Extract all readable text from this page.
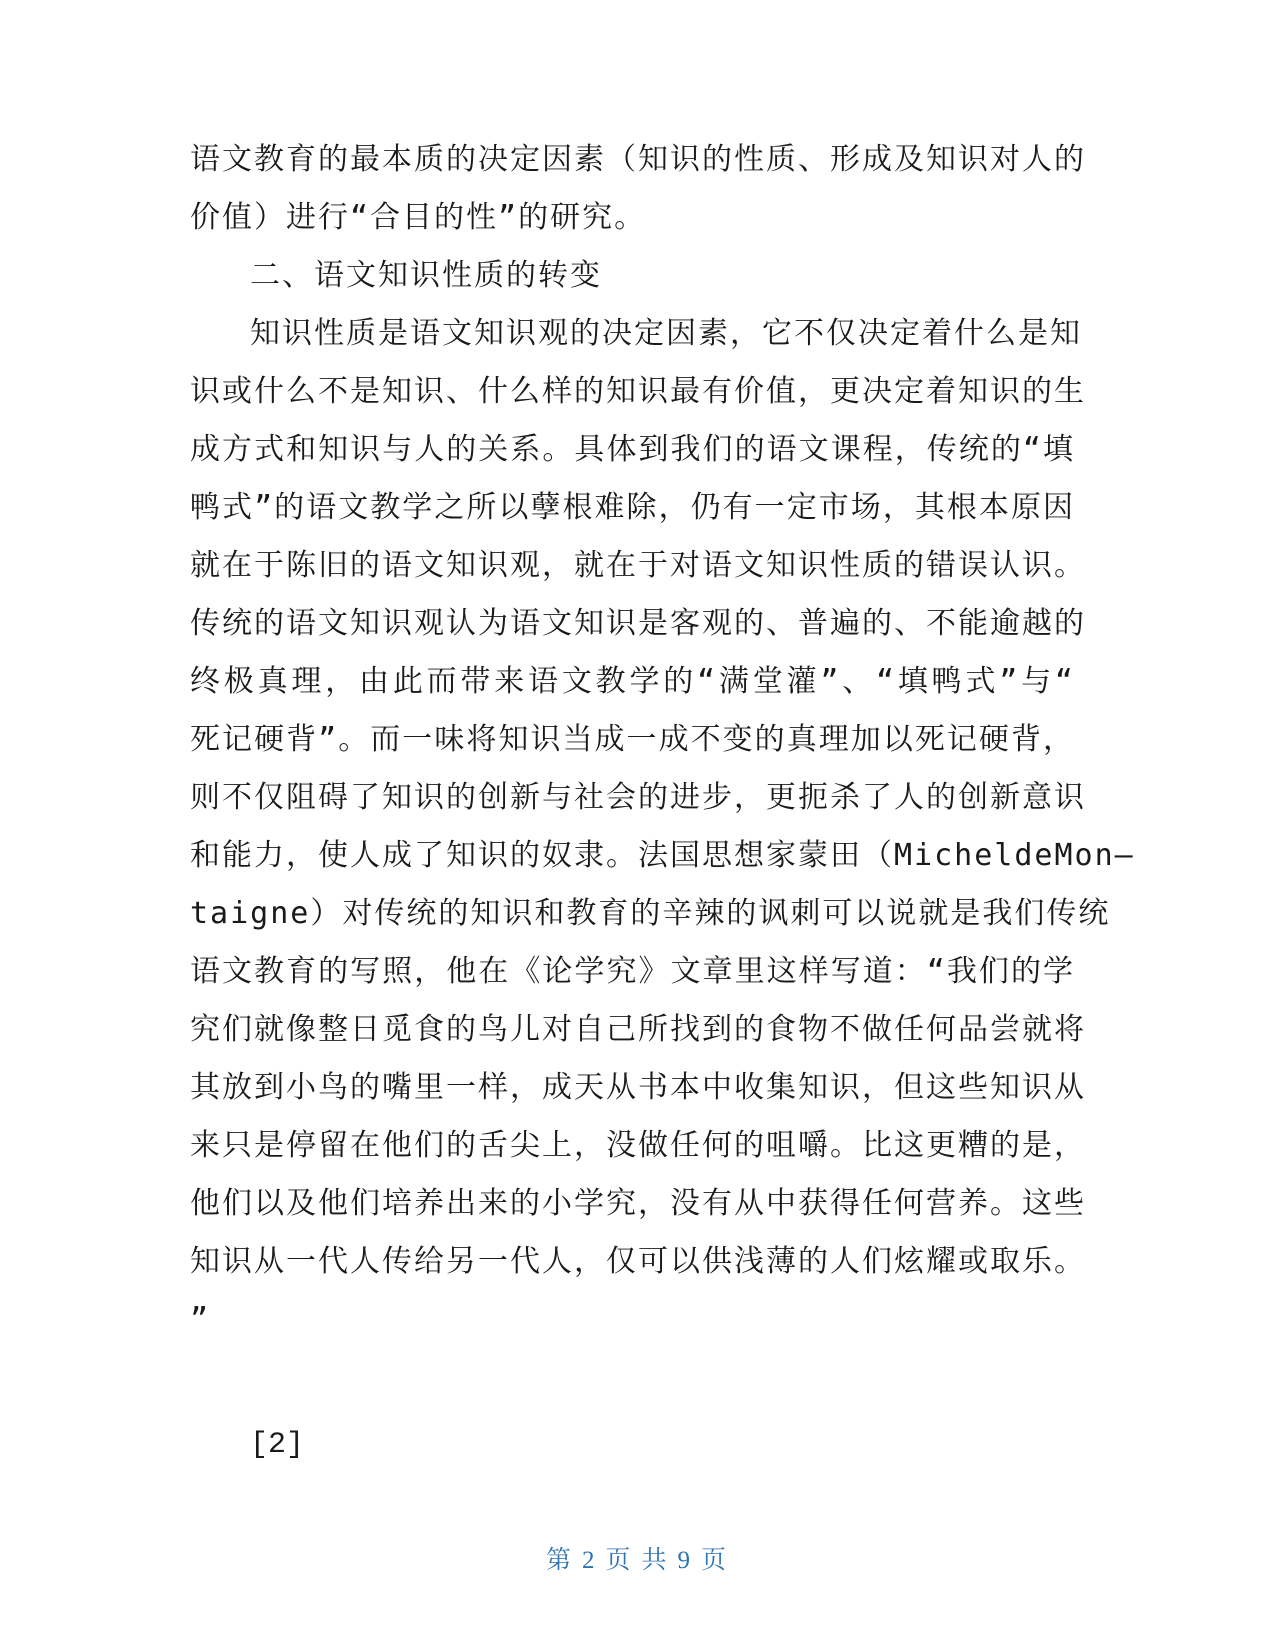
语文教育的最本质的决定因素（知识的性质、形成及知识对人的
价值）进行“合目的性”的研究。
二、语文知识性质的转变
知识性质是语文知识观的决定因素，它不仅决定着什么是知
识或什么不是知识、什么样的知识最有价值，更决定着知识的生
成方式和知识与人的关系。具体到我们的语文课程，传统的“填
鸭式”的语文教学之所以孽根难除，仍有一定市场，其根本原因
就在于陈旧的语文知识观，就在于对语文知识性质的错误认识。
传统的语文知识观认为语文知识是客观的、普遍的、不能逾越的
终极真理，由此而带来语文教学的“满堂灌”、“填鸭式”与“
死记硬背”。而一味将知识当成一成不变的真理加以死记硬背，
则不仅阻碍了知识的创新与社会的进步，更扼杀了人的创新意识
和能力，使人成了知识的奴隶。法国思想家蒙田（MicheldeMon—
taigne）对传统的知识和教育的辛辣的讽刺可以说就是我们传统
语文教育的写照，他在《论学究》文章里这样写道：“我们的学
究们就像整日觅食的鸟儿对自己所找到的食物不做任何品尝就将
其放到小鸟的嘴里一样，成天从书本中收集知识，但这些知识从
来只是停留在他们的舌尖上，没做任何的咀嚼。比这更糟的是，
他们以及他们培养出来的小学究，没有从中获得任何营养。这些
知识从一代人传给另一代人，仅可以供浅薄的人们炫耀或取乐。
”
[2]
第 2 页 共 9 页
